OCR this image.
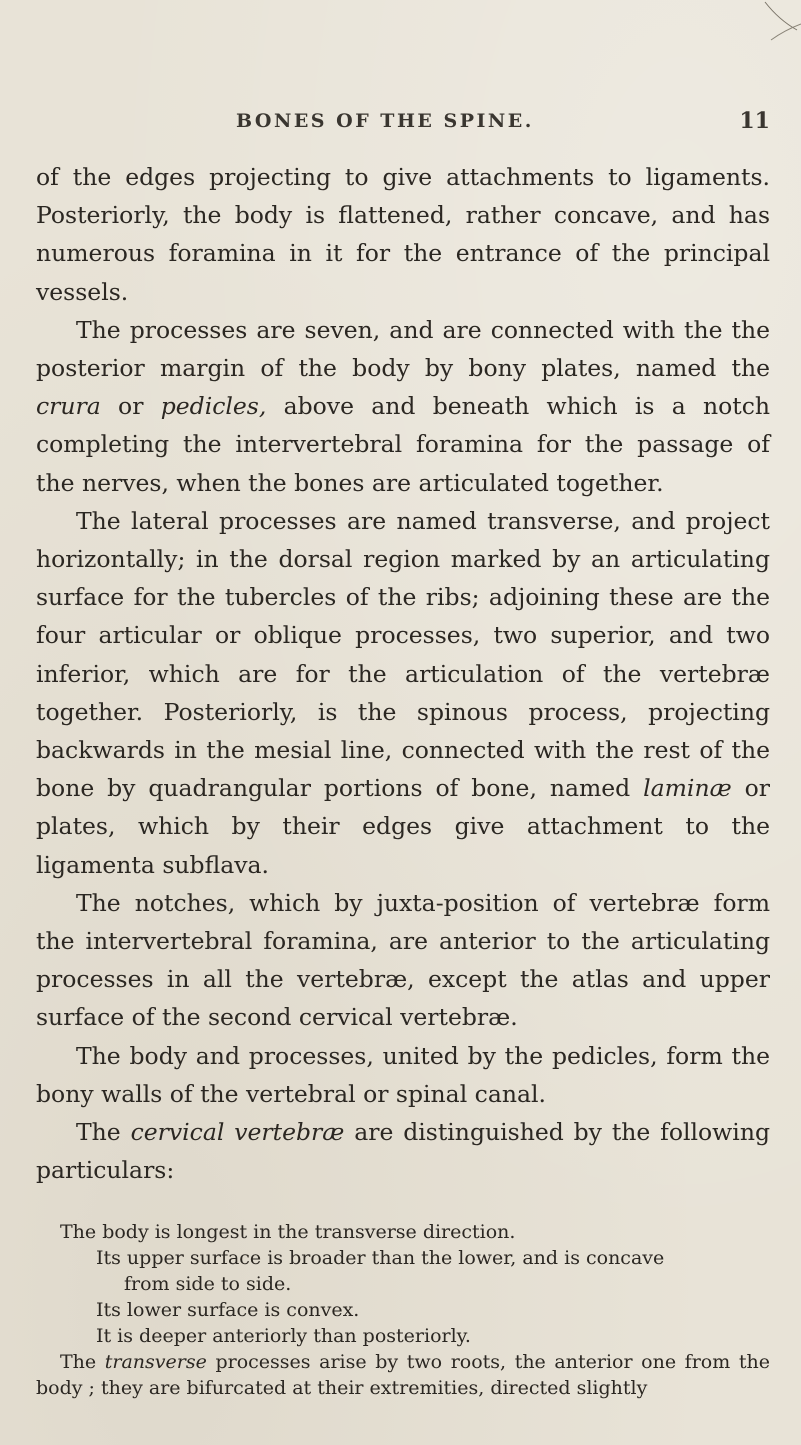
BONES OF THE SPINE.	11

of the edges projecting to give attachments to ligaments. Posteriorly, the body is flattened, rather concave, and has numerous foramina in it for the entrance of the principal vessels.

The processes are seven, and are connected with the the posterior margin of the body by bony plates, named the crura or pedicles, above and beneath which is a notch completing the intervertebral foramina for the passage of the nerves, when the bones are articulated together.

The lateral processes are named transverse, and project horizontally; in the dorsal region marked by an articulating surface for the tubercles of the ribs; adjoining these are the four articular or oblique processes, two superior, and two inferior, which are for the articulation of the vertebræ together. Posteriorly, is the spinous process, projecting backwards in the mesial line, connected with the rest of the bone by quadrangular portions of bone, named laminæ or plates, which by their edges give attachment to the ligamenta subflava.

The notches, which by juxta-position of vertebræ form the intervertebral foramina, are anterior to the articulating processes in all the vertebræ, except the atlas and upper surface of the second cervical vertebræ.

The body and processes, united by the pedicles, form the bony walls of the vertebral or spinal canal.

The cervical vertebræ are distinguished by the following particulars:

The body is longest in the transverse direction.

Its upper surface is broader than the lower, and is concave

from side to side.

Its lower surface is convex.

It is deeper anteriorly than posteriorly.

The transverse processes arise by two roots, the anterior one from the body ; they are bifurcated at their extremities, directed slightly
